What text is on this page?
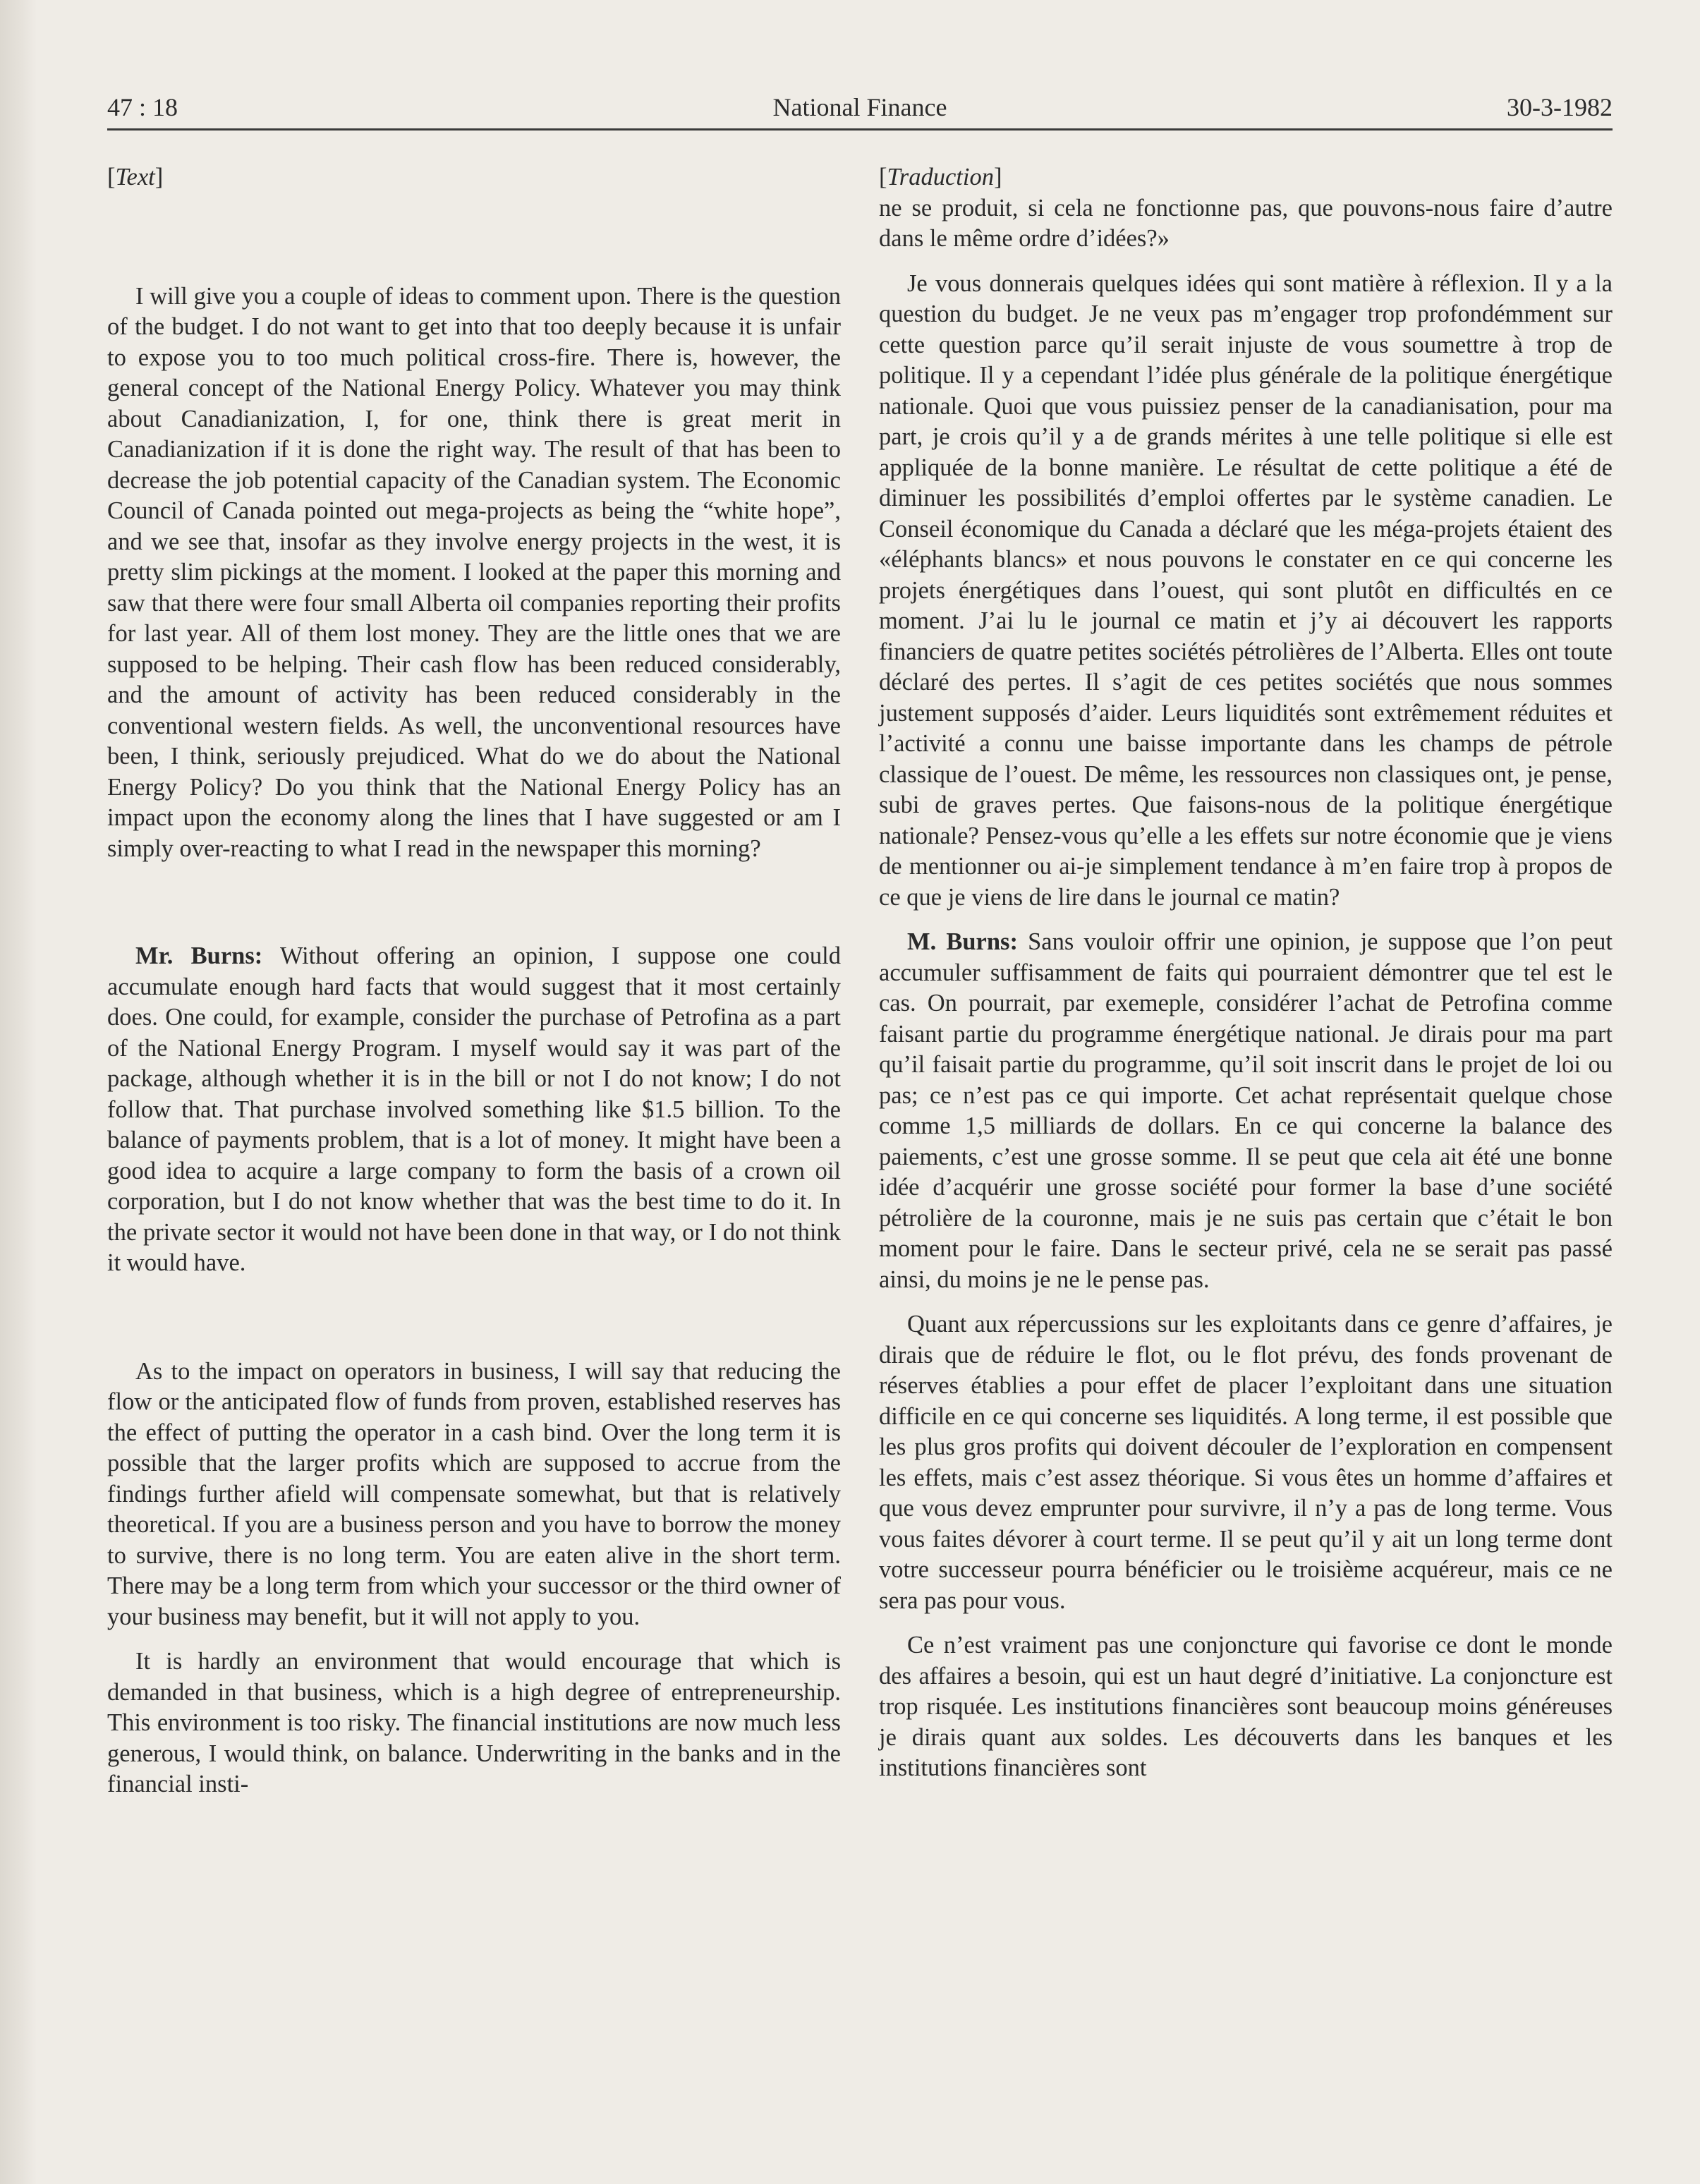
47 : 18	National Finance	30-3-1982

[Text]

I will give you a couple of ideas to comment upon. There is the question of the budget. I do not want to get into that too deeply because it is unfair to expose you to too much political cross-fire. There is, however, the general concept of the National Energy Policy. Whatever you may think about Canadianization, I, for one, think there is great merit in Canadianization if it is done the right way. The result of that has been to decrease the job potential capacity of the Canadian system. The Economic Council of Canada pointed out mega-projects as being the “white hope”, and we see that, insofar as they involve energy projects in the west, it is pretty slim pickings at the moment. I looked at the paper this morning and saw that there were four small Alberta oil companies reporting their profits for last year. All of them lost money. They are the little ones that we are supposed to be helping. Their cash flow has been reduced considerably, and the amount of activity has been reduced considerably in the conventional western fields. As well, the unconventional resources have been, I think, seriously prejudiced. What do we do about the National Energy Policy? Do you think that the National Energy Policy has an impact upon the economy along the lines that I have suggested or am I simply over-reacting to what I read in the newspaper this morning?

Mr. Burns: Without offering an opinion, I suppose one could accumulate enough hard facts that would suggest that it most certainly does. One could, for example, consider the purchase of Petrofina as a part of the National Energy Program. I myself would say it was part of the package, although whether it is in the bill or not I do not know; I do not follow that. That purchase involved something like $1.5 billion. To the balance of payments problem, that is a lot of money. It might have been a good idea to acquire a large company to form the basis of a crown oil corporation, but I do not know whether that was the best time to do it. In the private sector it would not have been done in that way, or I do not think it would have.

As to the impact on operators in business, I will say that reducing the flow or the anticipated flow of funds from proven, established reserves has the effect of putting the operator in a cash bind. Over the long term it is possible that the larger profits which are supposed to accrue from the findings further afield will compensate somewhat, but that is relatively theoretical. If you are a business person and you have to borrow the money to survive, there is no long term. You are eaten alive in the short term. There may be a long term from which your successor or the third owner of your business may benefit, but it will not apply to you.

It is hardly an environment that would encourage that which is demanded in that business, which is a high degree of entrepreneurship. This environment is too risky. The financial institutions are now much less generous, I would think, on balance. Underwriting in the banks and in the financial insti-

[Traduction]

ne se produit, si cela ne fonctionne pas, que pouvons-nous faire d’autre dans le même ordre d’idées?»

Je vous donnerais quelques idées qui sont matière à réflexion. Il y a la question du budget. Je ne veux pas m’engager trop profondémment sur cette question parce qu’il serait injuste de vous soumettre à trop de politique. Il y a cependant l’idée plus générale de la politique énergétique nationale. Quoi que vous puissiez penser de la canadianisation, pour ma part, je crois qu’il y a de grands mérites à une telle politique si elle est appliquée de la bonne manière. Le résultat de cette politique a été de diminuer les possibilités d’emploi offertes par le système canadien. Le Conseil économique du Canada a déclaré que les méga-projets étaient des «éléphants blancs» et nous pouvons le constater en ce qui concerne les projets énergétiques dans l’ouest, qui sont plutôt en difficultés en ce moment. J’ai lu le journal ce matin et j’y ai découvert les rapports financiers de quatre petites sociétés pétrolières de l’Alberta. Elles ont toute déclaré des pertes. Il s’agit de ces petites sociétés que nous sommes justement supposés d’aider. Leurs liquidités sont extrêmement réduites et l’activité a connu une baisse importante dans les champs de pétrole classique de l’ouest. De même, les ressources non classiques ont, je pense, subi de graves pertes. Que faisons-nous de la politique énergétique nationale? Pensez-vous qu’elle a les effets sur notre économie que je viens de mentionner ou ai-je simplement tendance à m’en faire trop à propos de ce que je viens de lire dans le journal ce matin?

M. Burns: Sans vouloir offrir une opinion, je suppose que l’on peut accumuler suffisamment de faits qui pourraient démontrer que tel est le cas. On pourrait, par exemeple, considérer l’achat de Petrofina comme faisant partie du programme énergétique national. Je dirais pour ma part qu’il faisait partie du programme, qu’il soit inscrit dans le projet de loi ou pas; ce n’est pas ce qui importe. Cet achat représentait quelque chose comme 1,5 milliards de dollars. En ce qui concerne la balance des paiements, c’est une grosse somme. Il se peut que cela ait été une bonne idée d’acquérir une grosse société pour former la base d’une société pétrolière de la couronne, mais je ne suis pas certain que c’était le bon moment pour le faire. Dans le secteur privé, cela ne se serait pas passé ainsi, du moins je ne le pense pas.

Quant aux répercussions sur les exploitants dans ce genre d’affaires, je dirais que de réduire le flot, ou le flot prévu, des fonds provenant de réserves établies a pour effet de placer l’exploitant dans une situation difficile en ce qui concerne ses liquidités. A long terme, il est possible que les plus gros profits qui doivent découler de l’exploration en compensent les effets, mais c’est assez théorique. Si vous êtes un homme d’affaires et que vous devez emprunter pour survivre, il n’y a pas de long terme. Vous vous faites dévorer à court terme. Il se peut qu’il y ait un long terme dont votre successeur pourra bénéficier ou le troisième acquéreur, mais ce ne sera pas pour vous.

Ce n’est vraiment pas une conjoncture qui favorise ce dont le monde des affaires a besoin, qui est un haut degré d’initiative. La conjoncture est trop risquée. Les institutions financières sont beaucoup moins généreuses je dirais quant aux soldes. Les découverts dans les banques et les institutions financières sont
